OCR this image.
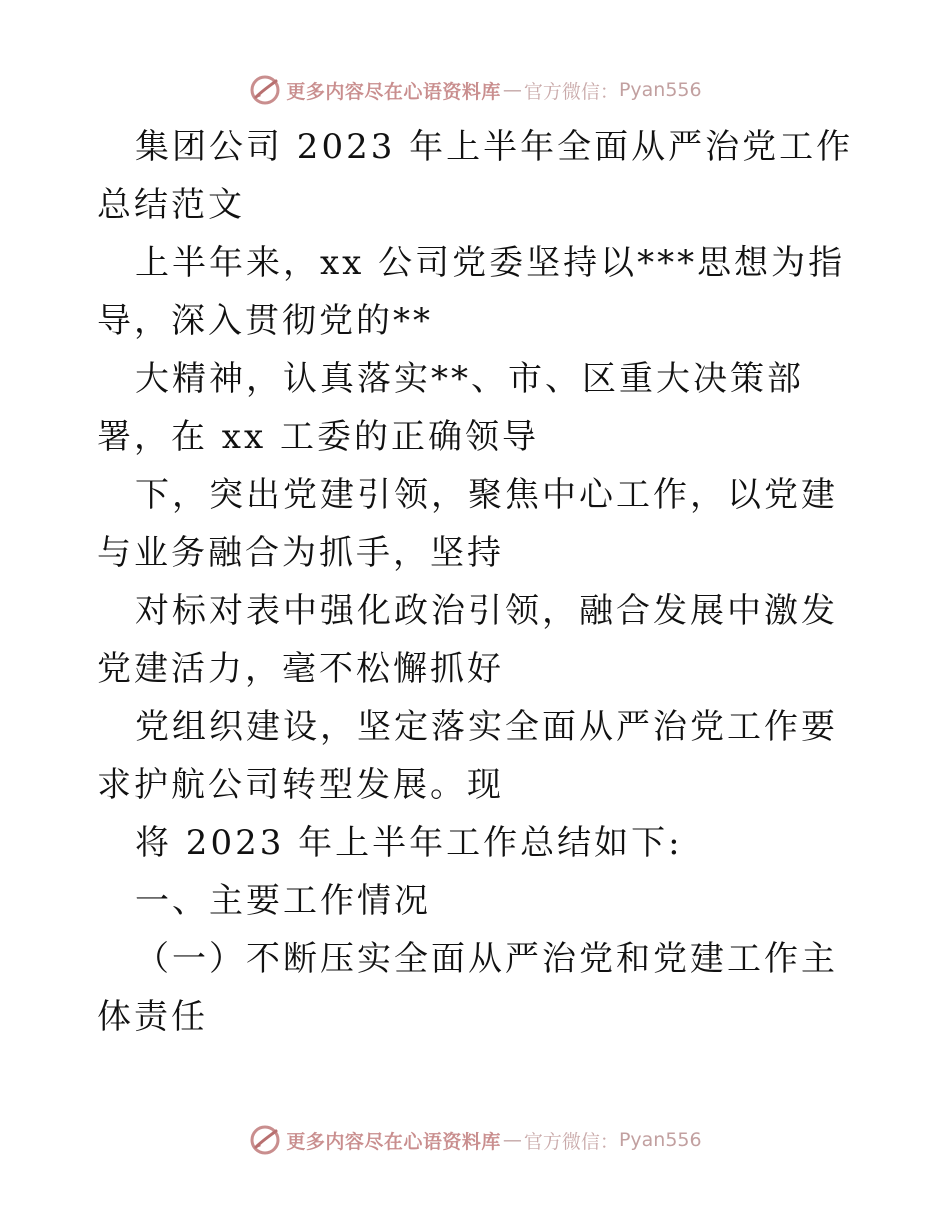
更多内容尽在心语资料库 — 官方微信： Pyan556

集团公司 2023 年上半年全面从严治党工作总结范文

上半年来，xx 公司党委坚持以***思想为指导，深入贯彻党的**

大精神，认真落实**、市、区重大决策部署，在 xx 工委的正确领导

下，突出党建引领，聚焦中心工作，以党建与业务融合为抓手，坚持

对标对表中强化政治引领，融合发展中激发党建活力，毫不松懈抓好

党组织建设，坚定落实全面从严治党工作要求护航公司转型发展。现

将 2023 年上半年工作总结如下:

一、主要工作情况

（一）不断压实全面从严治党和党建工作主体责任

更多内容尽在心语资料库 — 官方微信： Pyan556
